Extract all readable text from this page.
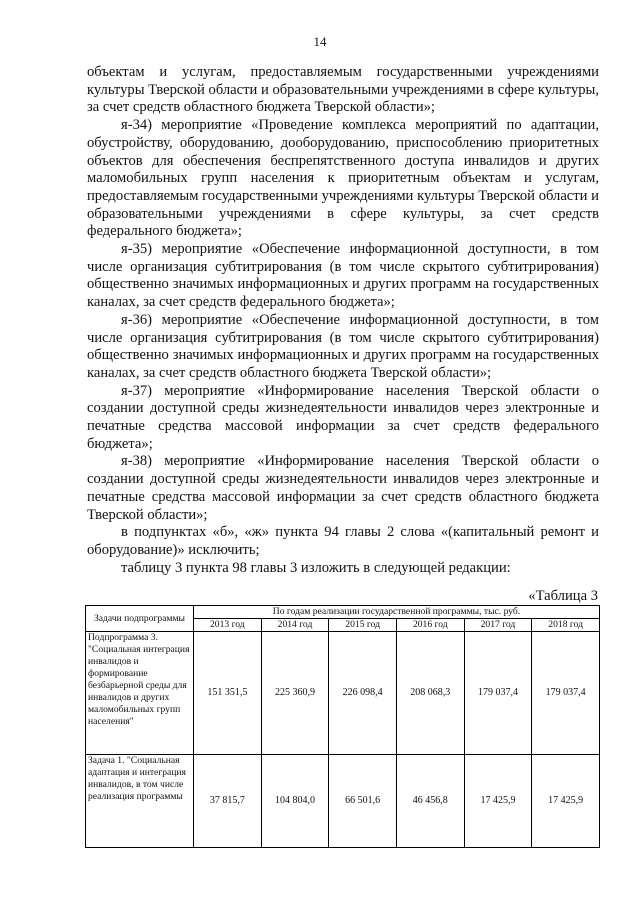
14

объектам и услугам, предоставляемым государственными учреждениями культуры Тверской области и образовательными учреждениями в сфере культуры, за счет средств областного бюджета Тверской области»;

я-34) мероприятие «Проведение комплекса мероприятий по адаптации, обустройству, оборудованию, дооборудованию, приспособлению приоритетных объектов для обеспечения беспрепятственного доступа инвалидов и других маломобильных групп населения к приоритетным объектам и услугам, предоставляемым государственными учреждениями культуры Тверской области и образовательными учреждениями в сфере культуры, за счет средств федерального бюджета»;

я-35) мероприятие «Обеспечение информационной доступности, в том числе организация субтитрирования (в том числе скрытого субтитрирования) общественно значимых информационных и других программ на государственных каналах, за счет средств федерального бюджета»;

я-36) мероприятие «Обеспечение информационной доступности, в том числе организация субтитрирования (в том числе скрытого субтитрирования) общественно значимых информационных и других программ на государственных каналах, за счет средств областного бюджета Тверской области»;

я-37) мероприятие «Информирование населения Тверской области о создании доступной среды жизнедеятельности инвалидов через электронные и печатные средства массовой информации за счет средств федерального бюджета»;

я-38) мероприятие «Информирование населения Тверской области о создании доступной среды жизнедеятельности инвалидов через электронные и печатные средства массовой информации за счет средств областного бюджета Тверской области»;

в подпунктах «б», «ж» пункта 94 главы 2 слова «(капитальный ремонт и оборудование)» исключить;

таблицу 3 пункта 98 главы 3 изложить в следующей редакции:

«Таблица 3
Задачи подпрограммы	По годам реализации государственной программы, тыс. руб.					
	2013 год	2014 год	2015 год	2016 год	2017 год	2018 год
Подпрограмма 3. "Социальная интеграция инвалидов и формирование безбарьерной среды для инвалидов и других маломобильных групп населения"	151 351,5	225 360,9	226 098,4	208 068,3	179 037,4	179 037,4
Задача 1. "Социальная адаптация и интеграция инвалидов, в том числе реализация программы	37 815,7	104 804,0	66 501,6	46 456,8	17 425,9	17 425,9
